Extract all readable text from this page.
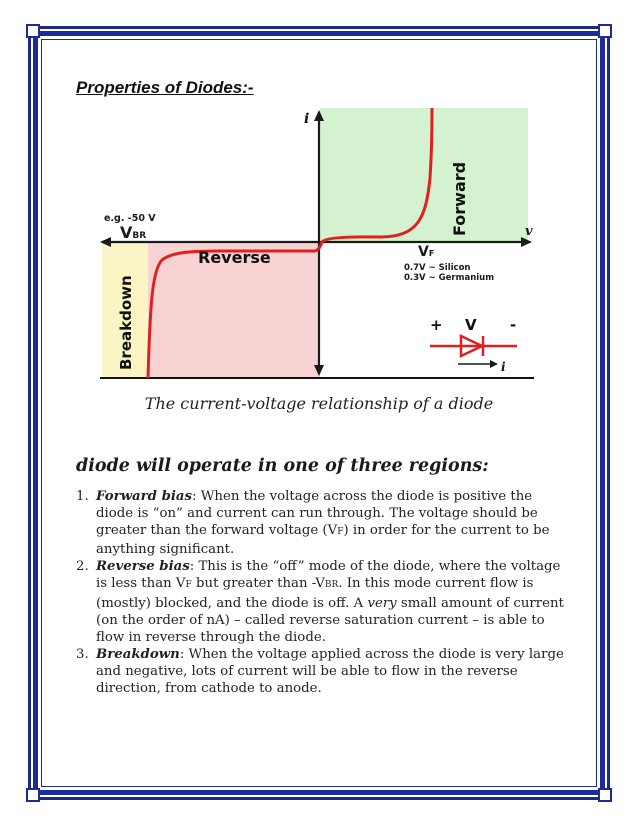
Properties of Diodes:-
i
v
e.g. -50 V
VBR
Reverse
Forward
Breakdown
VF
0.7V ~ Silicon
0.3V ~ Germanium
+ V -
i
The current-voltage relationship of a diode
diode will operate in one of three regions:
1. Forward bias: When the voltage across the diode is positive the diode is “on” and current can run through. The voltage should be greater than the forward voltage (VF) in order for the current to be anything significant.
2. Reverse bias: This is the “off” mode of the diode, where the voltage is less than VF but greater than -VBR. In this mode current flow is (mostly) blocked, and the diode is off. A very small amount of current (on the order of nA) – called reverse saturation current – is able to flow in reverse through the diode.
3. Breakdown: When the voltage applied across the diode is very large and negative, lots of current will be able to flow in the reverse direction, from cathode to anode.
